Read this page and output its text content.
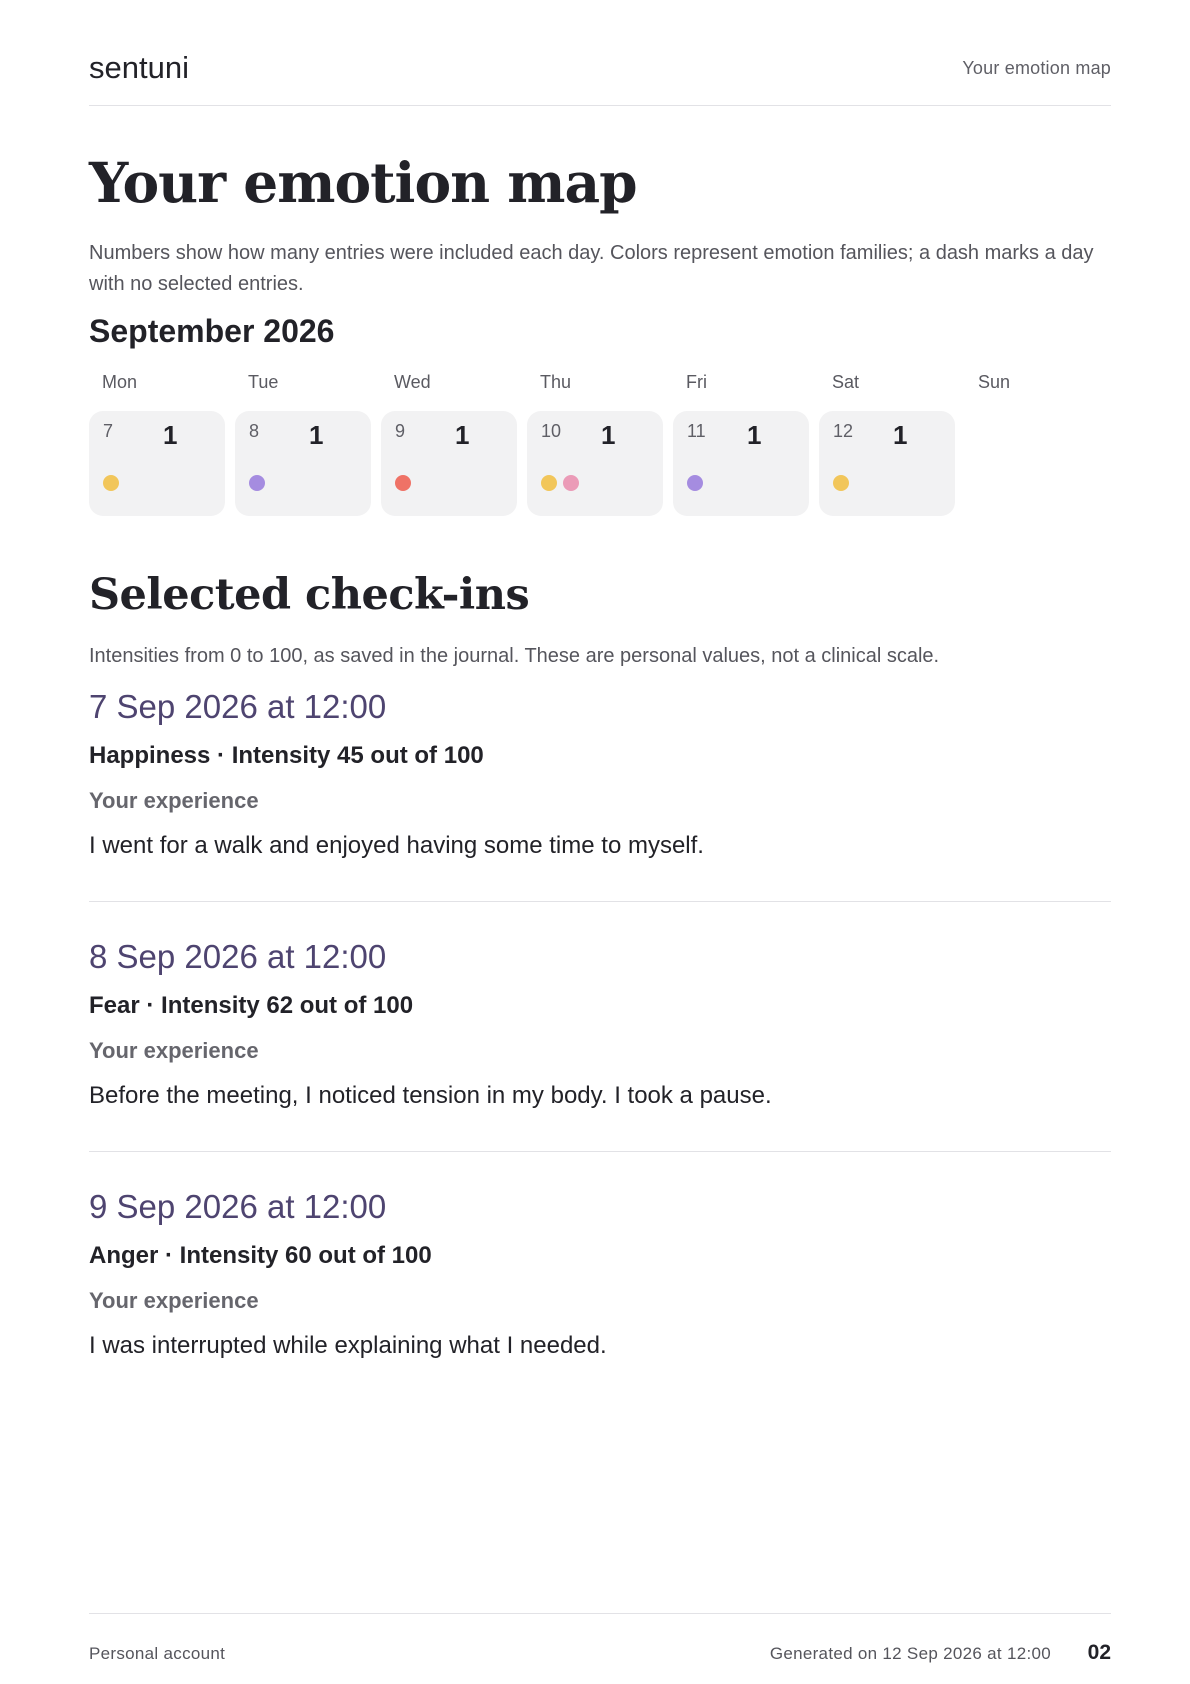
sentuni	Your emotion map
Your emotion map

Numbers show how many entries were included each day. Colors represent emotion families; a dash marks a day with no selected entries.

September 2026
Mon	Tue	Wed	Thu	Fri	Sat	Sun
7 1	8 1	9 1	10 1	11 1	12 1
Selected check-ins

Intensities from 0 to 100, as saved in the journal. These are personal values, not a clinical scale.

7 Sep 2026 at 12:00
Happiness · Intensity 45 out of 100
Your experience
I went for a walk and enjoyed having some time to myself.
8 Sep 2026 at 12:00
Fear · Intensity 62 out of 100
Your experience
Before the meeting, I noticed tension in my body. I took a pause.
9 Sep 2026 at 12:00
Anger · Intensity 60 out of 100
Your experience
I was interrupted while explaining what I needed.
Personal account	Generated on 12 Sep 2026 at 12:00 02
